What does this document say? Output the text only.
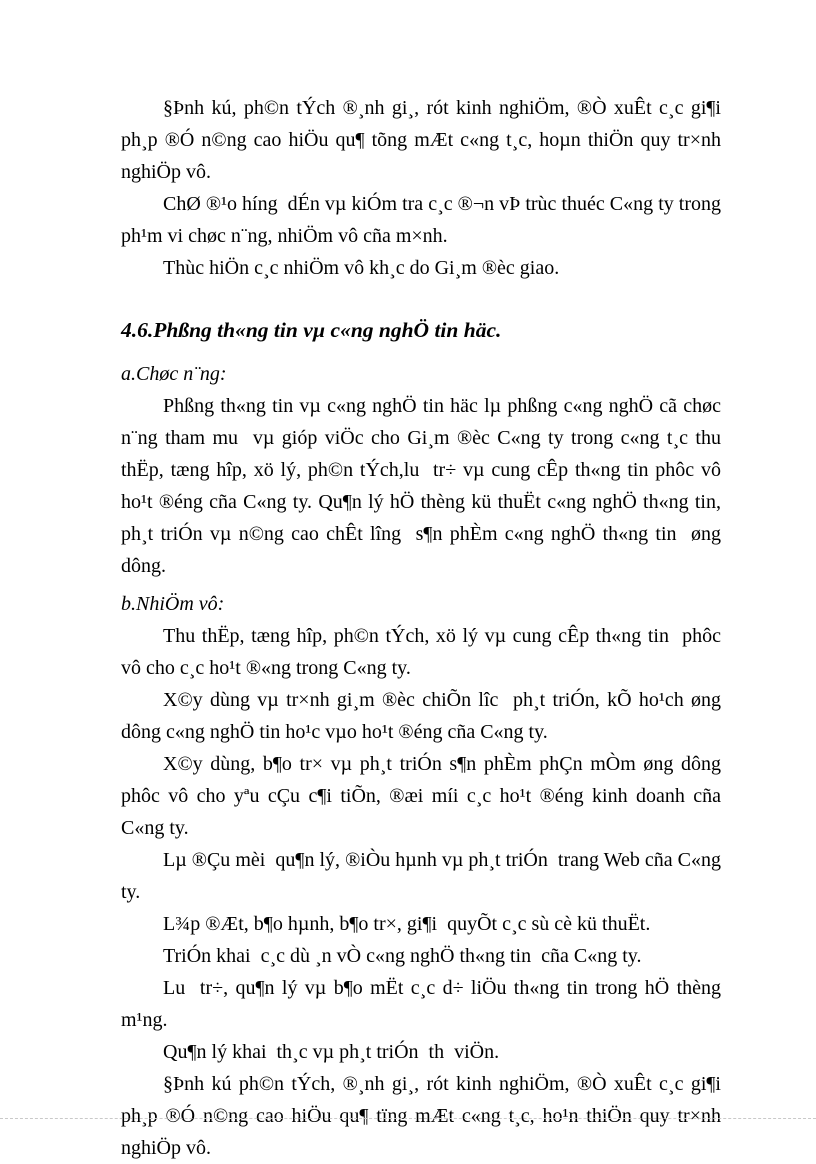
§Þnh kú, ph©n tÝch ®¸nh gi¸, rót kinh nghiÖm, ®Ò xuÊt c¸c gi¶i ph¸p ®Ó n©ng cao hiÖu qu¶ tõng mÆt c«ng t¸c, hoµn thiÖn quy tr×nh nghiÖp vô.

ChØ ®¹o híng  dÉn vµ kiÓm tra c¸c ®¬n vÞ trùc thuéc C«ng ty trong ph¹m vi chøc n¨ng, nhiÖm vô cña m×nh.

Thùc hiÖn c¸c nhiÖm vô kh¸c do Gi¸m ®èc giao.

4.6.Phßng th«ng tin vµ c«ng nghÖ tin häc.

a.Chøc n¨ng:

Phßng th«ng tin vµ c«ng nghÖ tin häc lµ phßng c«ng nghÖ cã chøc n¨ng tham mu  vµ gióp viÖc cho Gi¸m ®èc C«ng ty trong c«ng t¸c thu thËp, tæng hîp, xö lý, ph©n tÝch,lu  tr÷ vµ cung cÊp th«ng tin phôc vô ho¹t ®éng cña C«ng ty. Qu¶n lý hÖ thèng kü thuËt c«ng nghÖ th«ng tin, ph¸t triÓn vµ n©ng cao chÊt lîng  s¶n phÈm c«ng nghÖ th«ng tin  øng dông.

b.NhiÖm vô:

Thu thËp, tæng hîp, ph©n tÝch, xö lý vµ cung cÊp th«ng tin  phôc vô cho c¸c ho¹t ®«ng trong C«ng ty.

X©y dùng vµ tr×nh gi¸m ®èc chiÕn lîc  ph¸t triÓn, kÕ ho¹ch øng dông c«ng nghÖ tin ho¹c vµo ho¹t ®éng cña C«ng ty.

X©y dùng, b¶o tr× vµ ph¸t triÓn s¶n phÈm phÇn mÒm øng dông phôc vô cho yªu cÇu c¶i tiÕn, ®æi míi c¸c ho¹t ®éng kinh doanh cña C«ng ty.

Lµ ®Çu mèi  qu¶n lý, ®iÒu hµnh vµ ph¸t triÓn  trang Web cña C«ng ty.

L¾p ®Æt, b¶o hµnh, b¶o tr×, gi¶i  quyÕt c¸c sù cè kü thuËt.

TriÓn khai  c¸c dù ¸n vÒ c«ng nghÖ th«ng tin  cña C«ng ty.

Lu  tr÷, qu¶n lý vµ b¶o mËt c¸c d÷ liÖu th«ng tin trong hÖ thèng m¹ng.

Qu¶n lý khai  th¸c vµ ph¸t triÓn  th  viÖn.

§Þnh kú ph©n tÝch, ®¸nh gi¸, rót kinh nghiÖm, ®Ò xuÊt c¸c gi¶i ph¸p ®Ó n©ng cao hiÖu qu¶ tïng mÆt c«ng t¸c, ho¹n thiÖn quy tr×nh nghiÖp vô.
